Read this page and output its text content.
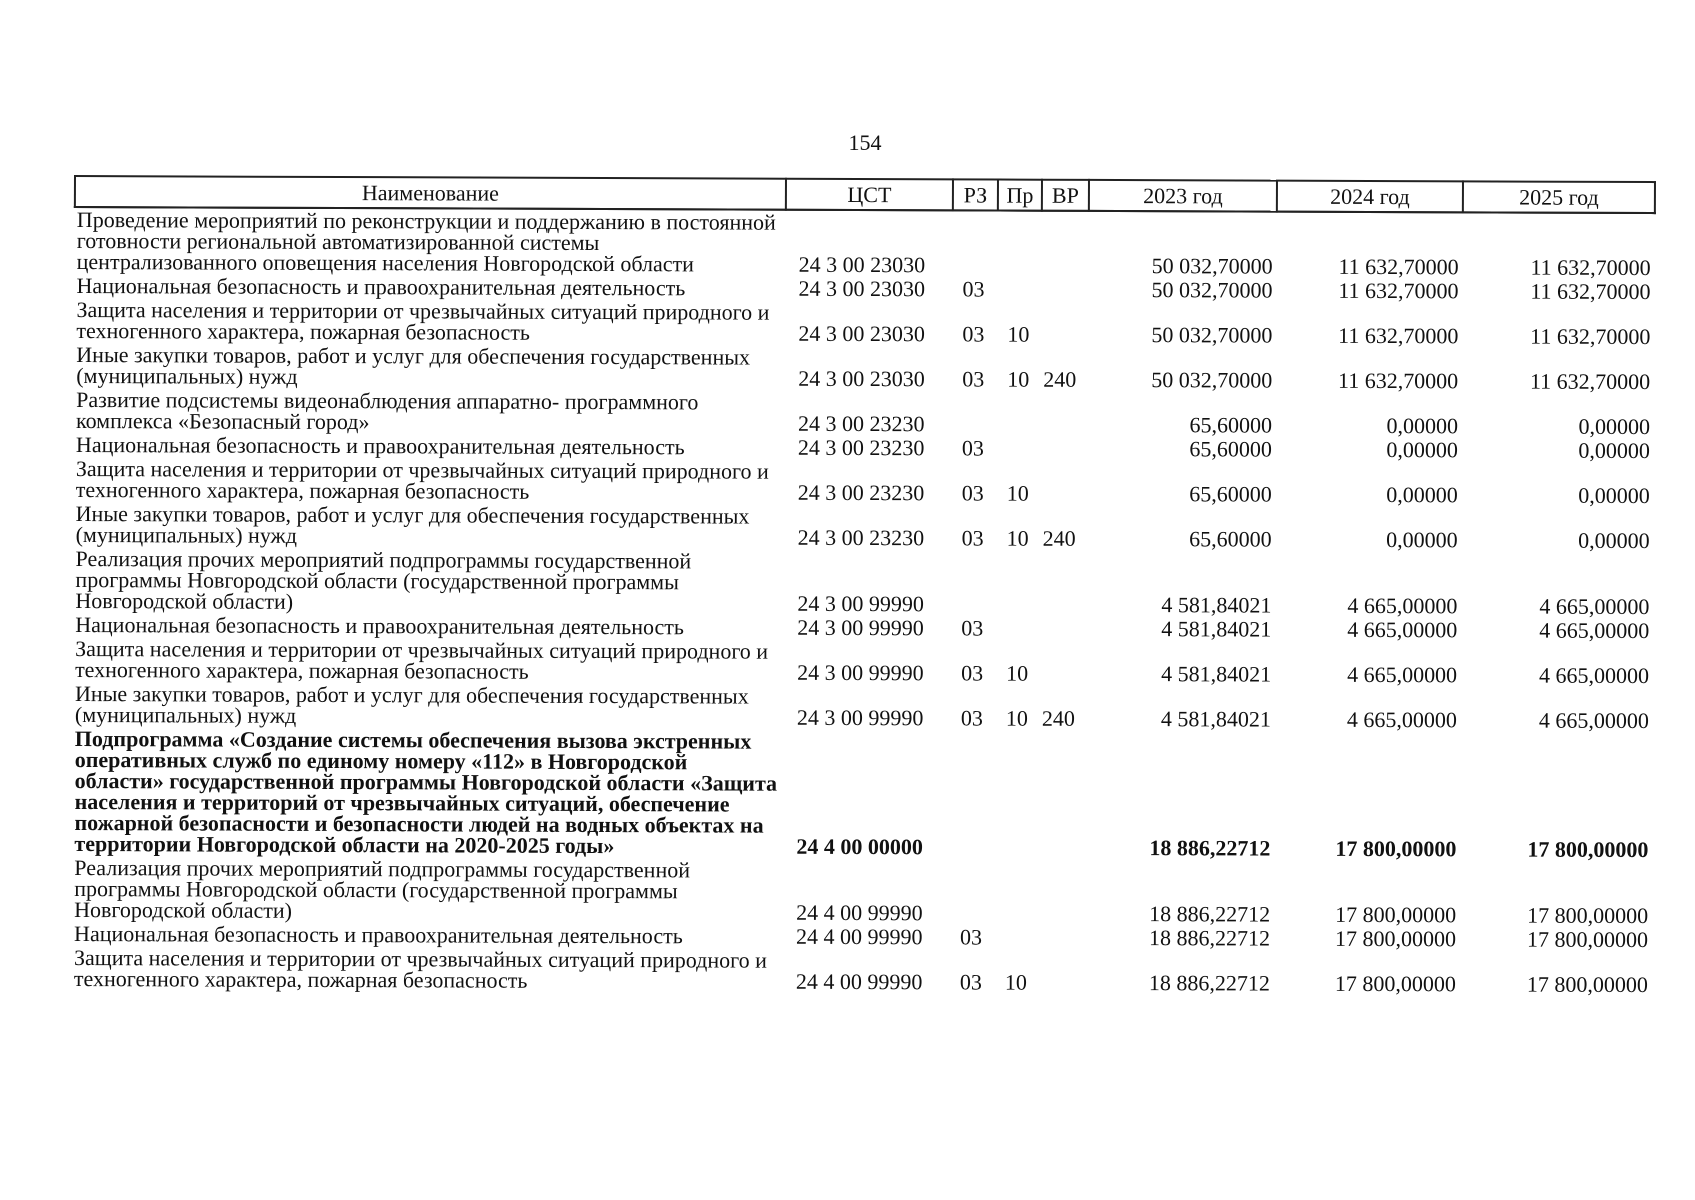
154
Наименование	ЦСТ	РЗ	Пр	ВР	2023 год	2024 год	2025 год
Проведение мероприятий по реконструкции и поддержанию в постоянной готовности региональной автоматизированной системы централизованного оповещения населения Новгородской области	24 3 00 23030				50 032,70000	11 632,70000	11 632,70000
Национальная безопасность и правоохранительная деятельность	24 3 00 23030	03			50 032,70000	11 632,70000	11 632,70000
Защита населения и территории от чрезвычайных ситуаций природного и техногенного характера, пожарная безопасность	24 3 00 23030	03	10		50 032,70000	11 632,70000	11 632,70000
Иные закупки товаров, работ и услуг для обеспечения государственных (муниципальных) нужд	24 3 00 23030	03	10	240	50 032,70000	11 632,70000	11 632,70000
Развитие подсистемы видеонаблюдения аппаратно- программного комплекса «Безопасный город»	24 3 00 23230				65,60000	0,00000	0,00000
Национальная безопасность и правоохранительная деятельность	24 3 00 23230	03			65,60000	0,00000	0,00000
Защита населения и территории от чрезвычайных ситуаций природного и техногенного характера, пожарная безопасность	24 3 00 23230	03	10		65,60000	0,00000	0,00000
Иные закупки товаров, работ и услуг для обеспечения государственных (муниципальных) нужд	24 3 00 23230	03	10	240	65,60000	0,00000	0,00000
Реализация прочих мероприятий подпрограммы государственной программы Новгородской области (государственной программы Новгородской области)	24 3 00 99990				4 581,84021	4 665,00000	4 665,00000
Национальная безопасность и правоохранительная деятельность	24 3 00 99990	03			4 581,84021	4 665,00000	4 665,00000
Защита населения и территории от чрезвычайных ситуаций природного и техногенного характера, пожарная безопасность	24 3 00 99990	03	10		4 581,84021	4 665,00000	4 665,00000
Иные закупки товаров, работ и услуг для обеспечения государственных (муниципальных) нужд	24 3 00 99990	03	10	240	4 581,84021	4 665,00000	4 665,00000
Подпрограмма «Создание системы обеспечения вызова экстренных оперативных служб по единому номеру «112» в Новгородской области» государственной программы Новгородской области «Защита населения и территорий от чрезвычайных ситуаций, обеспечение пожарной безопасности и безопасности людей на водных объектах на территории Новгородской области на 2020-2025 годы»	24 4 00 00000				18 886,22712	17 800,00000	17 800,00000
Реализация прочих мероприятий подпрограммы государственной программы Новгородской области (государственной программы Новгородской области)	24 4 00 99990				18 886,22712	17 800,00000	17 800,00000
Национальная безопасность и правоохранительная деятельность	24 4 00 99990	03			18 886,22712	17 800,00000	17 800,00000
Защита населения и территории от чрезвычайных ситуаций природного и техногенного характера, пожарная безопасность	24 4 00 99990	03	10		18 886,22712	17 800,00000	17 800,00000
